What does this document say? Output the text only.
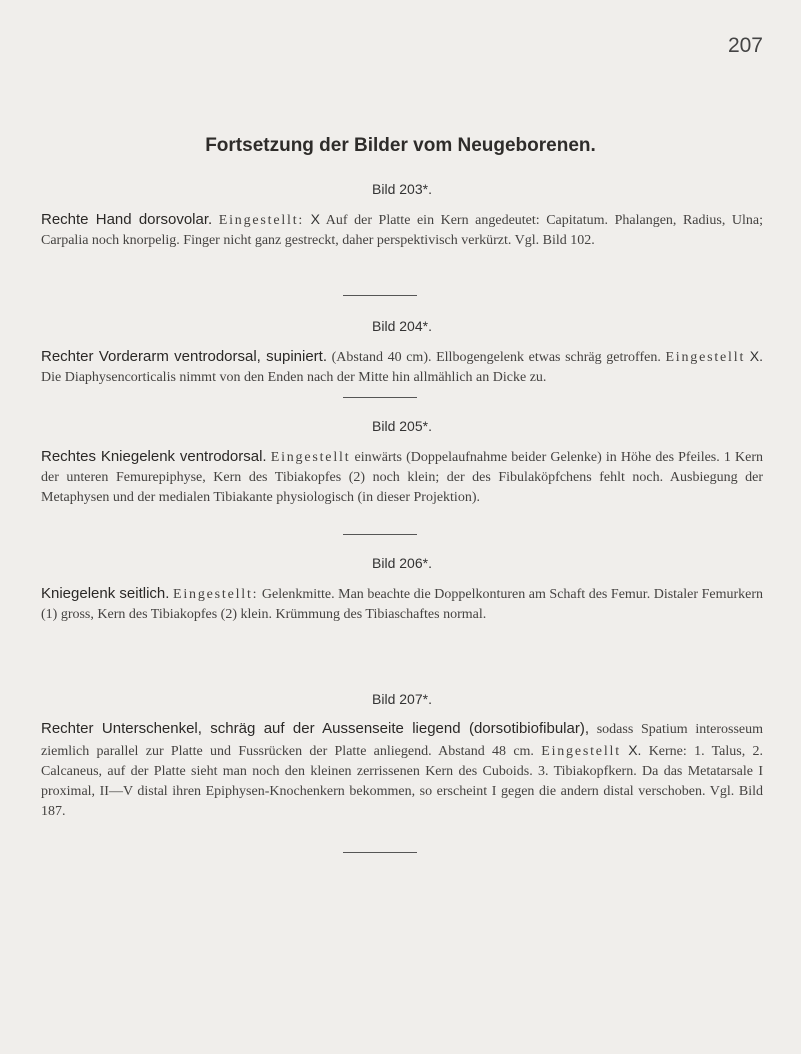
207
Fortsetzung der Bilder vom Neugeborenen.

Bild 203*.

Rechte Hand dorsovolar. Eingestellt: X Auf der Platte ein Kern angedeutet: Capitatum. Phalangen, Radius, Ulna; Carpalia noch knorpelig. Finger nicht ganz gestreckt, daher perspektivisch verkürzt. Vgl. Bild 102.

Bild 204*.

Rechter Vorderarm ventrodorsal, supiniert. (Abstand 40 cm). Ellbogengelenk etwas schräg getroffen. Eingestellt X. Die Diaphysencorticalis nimmt von den Enden nach der Mitte hin allmählich an Dicke zu.

Bild 205*.

Rechtes Kniegelenk ventrodorsal. Eingestellt einwärts (Doppelaufnahme beider Gelenke) in Höhe des Pfeiles. 1 Kern der unteren Femurepiphyse, Kern des Tibiakopfes (2) noch klein; der des Fibulaköpfchens fehlt noch. Ausbiegung der Metaphysen und der medialen Tibiakante physiologisch (in dieser Projektion).

Bild 206*.

Kniegelenk seitlich. Eingestellt: Gelenkmitte. Man beachte die Doppelkonturen am Schaft des Femur. Distaler Femurkern (1) gross, Kern des Tibiakopfes (2) klein. Krümmung des Tibiaschaftes normal.

Bild 207*.

Rechter Unterschenkel, schräg auf der Aussenseite liegend (dorsotibiofibular), sodass Spatium interosseum ziemlich parallel zur Platte und Fussrücken der Platte anliegend. Abstand 48 cm. Eingestellt X. Kerne: 1. Talus, 2. Calcaneus, auf der Platte sieht man noch den kleinen zerrissenen Kern des Cuboids. 3. Tibiakopfkern. Da das Metatarsale I proximal, II—V distal ihren Epiphysen-Knochenkern bekommen, so erscheint I gegen die andern distal verschoben. Vgl. Bild 187.
